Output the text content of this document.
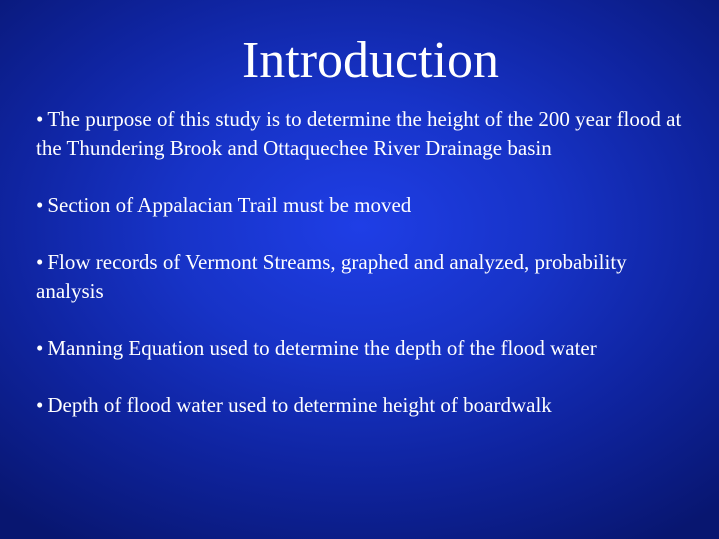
Introduction

• The purpose of this study is to determine the height of the 200 year flood at the Thundering Brook and Ottaquechee River Drainage basin

• Section of Appalacian Trail must be moved

• Flow records of Vermont Streams, graphed and analyzed, probability analysis

• Manning Equation used to determine the depth of the flood water

• Depth of flood water used to determine height of boardwalk
